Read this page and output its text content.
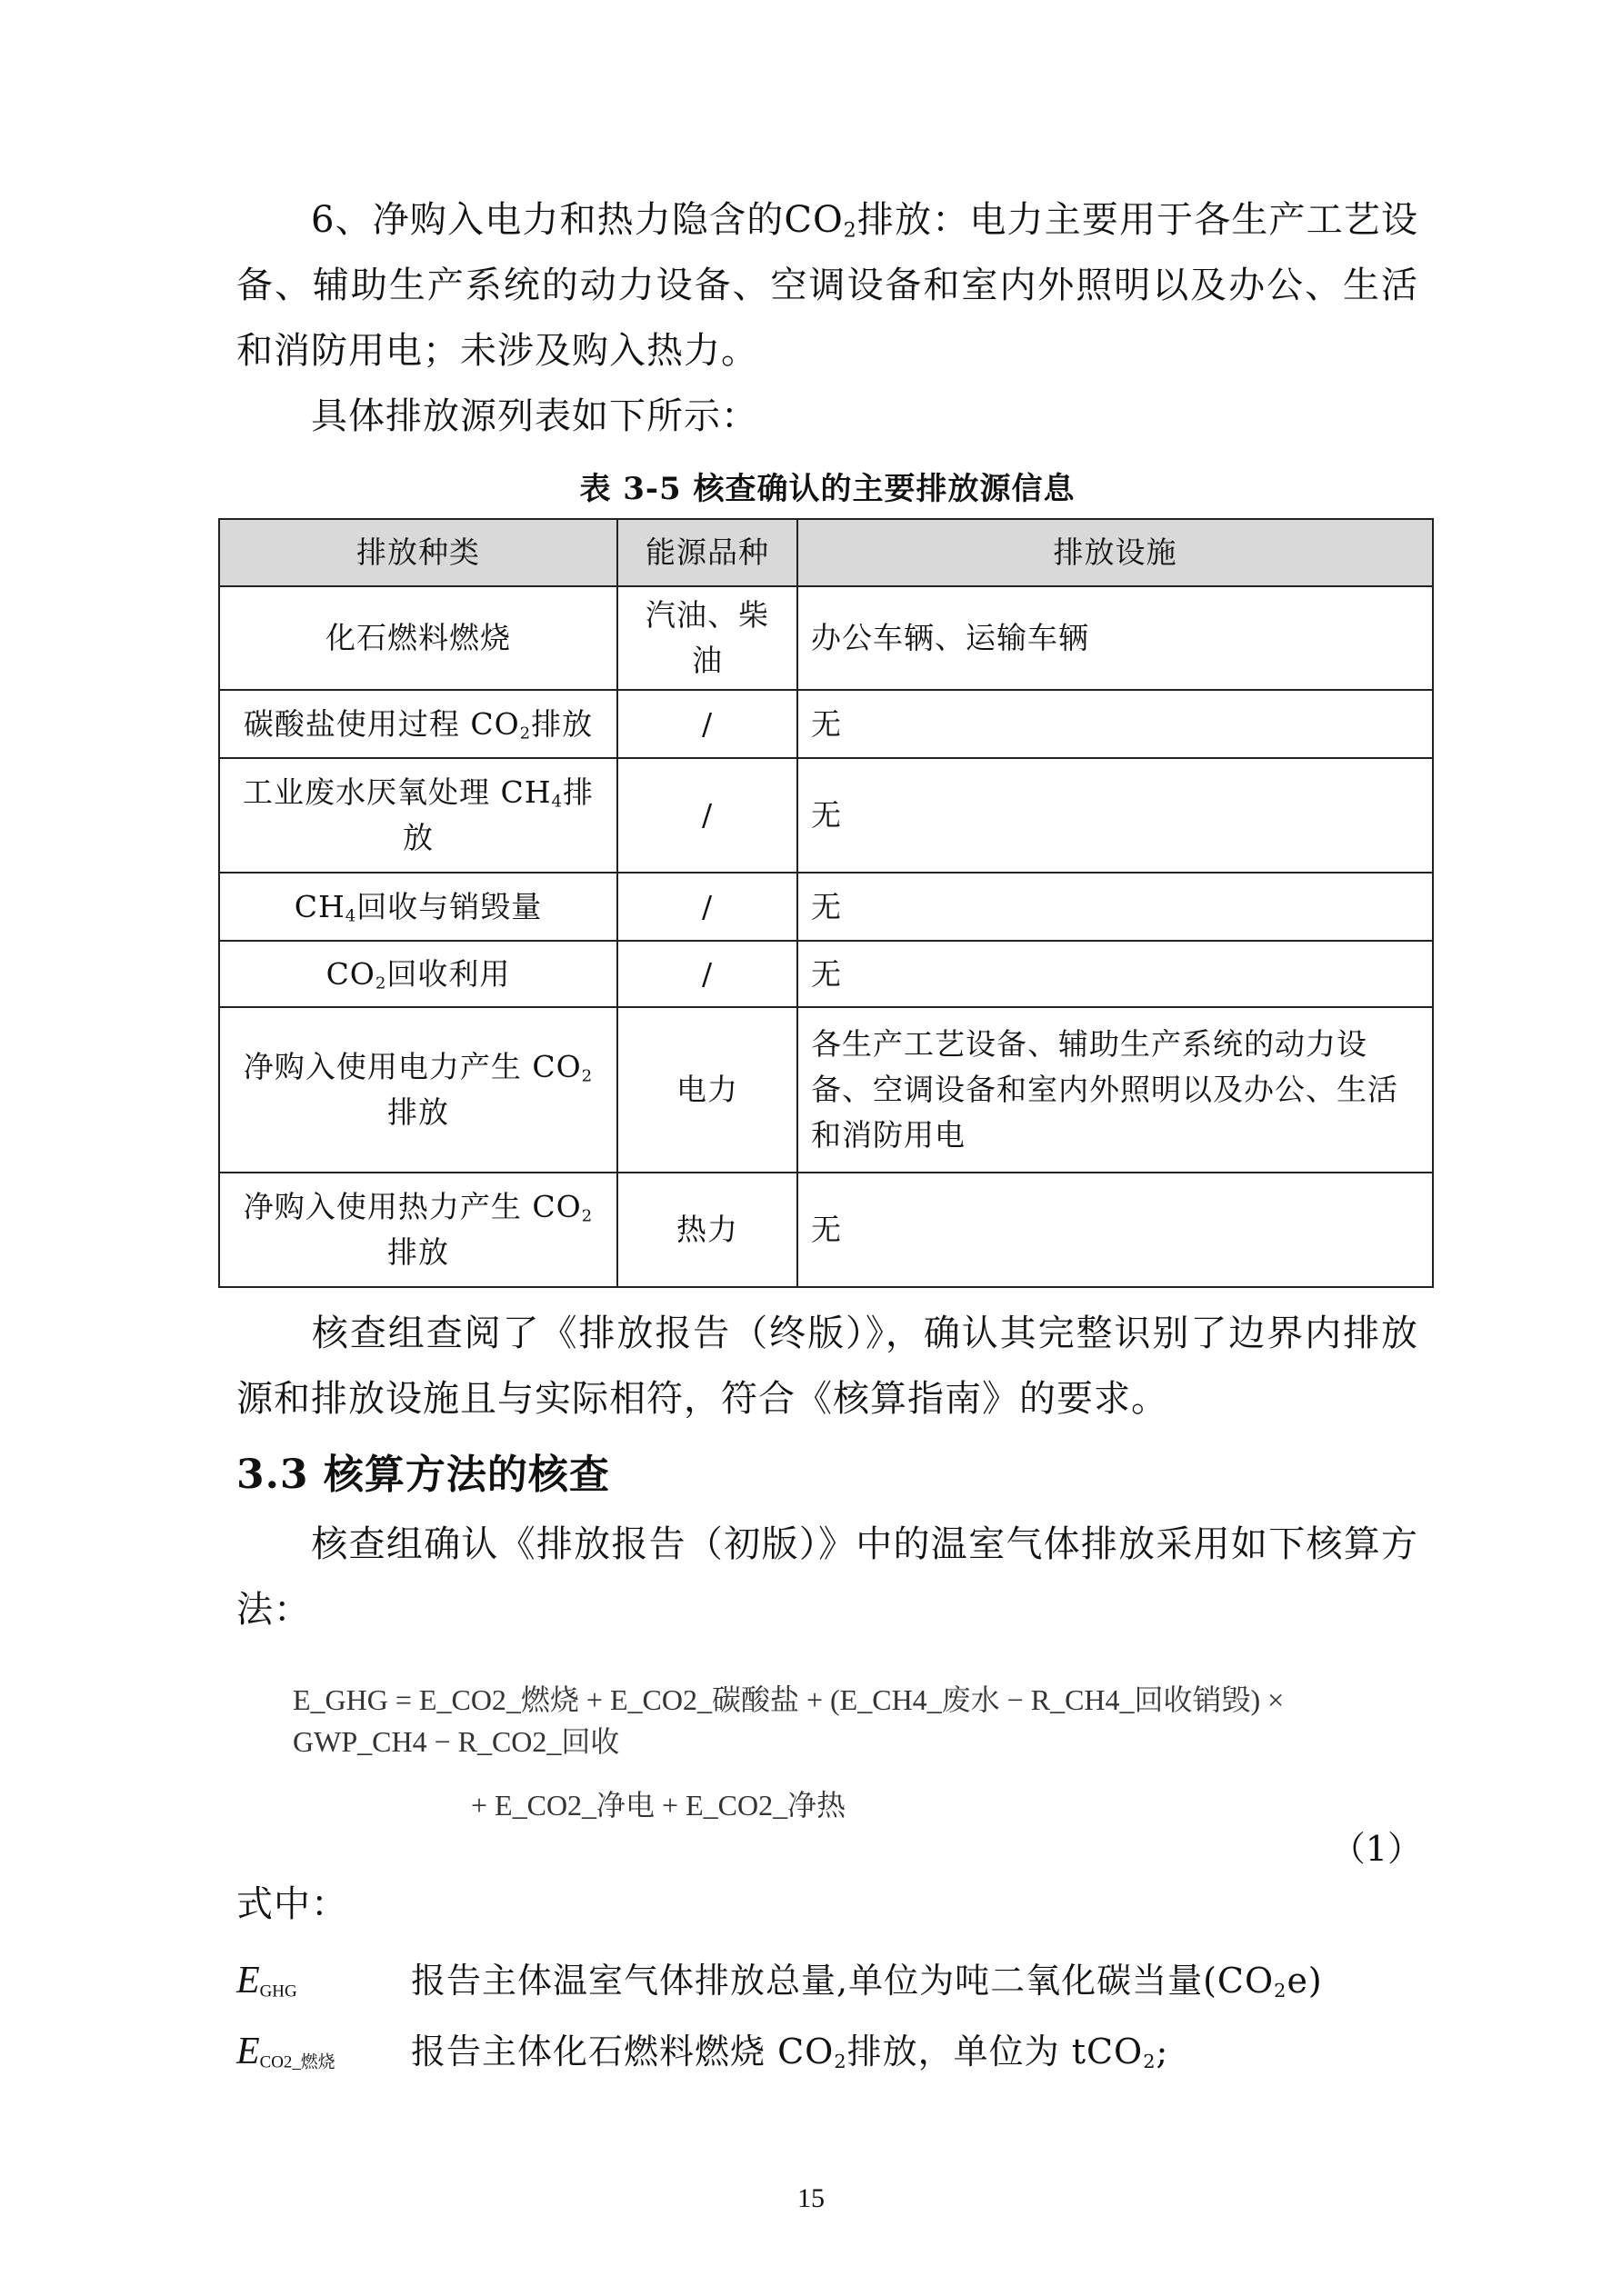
6、净购入电力和热力隐含的$CO_2$排放：电力主要用于各生产工艺设备、辅助生产系统的动力设备、空调设备和室内外照明以及办公、生活和消防用电；未涉及购入热力。

具体排放源列表如下所示：

表 3-5 核查确认的主要排放源信息
排放种类	能源品种	排放设施
化石燃料燃烧	汽油、柴油	办公车辆、运输车辆
碳酸盐使用过程 $CO_2$排放	/	无
工业废水厌氧处理 $CH_4$排放	/	无
$CH_4$回收与销毁量	/	无
$CO_2$回收利用	/	无
净购入使用电力产生 $CO_2$
排放	电力	各生产工艺设备、辅助生产系统的动力设备、空调设备和室内外照明以及办公、生活和消防用电
净购入使用热力产生 $CO_2$
排放	热力	无

核查组查阅了《排放报告（终版）》，确认其完整识别了边界内排放源和排放设施且与实际相符，符合《核算指南》的要求。

3.3 核算方法的核查

核查组确认《排放报告（初版）》中的温室气体排放采用如下核算方法：

E_GHG = E_CO2_燃烧 + E_CO2_碳酸盐 + (E_CH4_废水 − R_CH4_回收销毁) × GWP_CH4 − R_CO2_回收
+ E_CO2_净电 + E_CO2_净热
（1）

式中：

$E_{GHG}$	报告主体温室气体排放总量,单位为吨二氧化碳当量$(CO_2e)$
$E_{CO2\_燃烧}$	报告主体化石燃料燃烧 $CO_2$排放，单位为 tCO$_2$;
15
